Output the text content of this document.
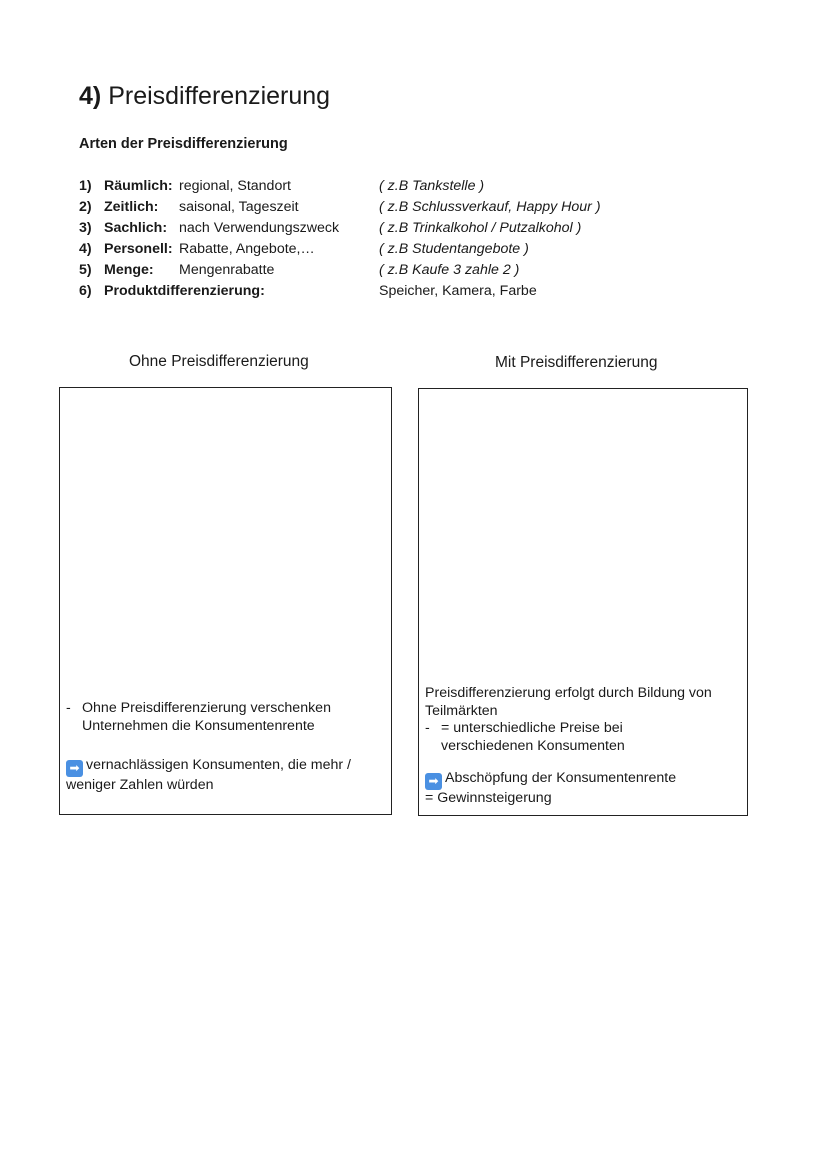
4) Preisdifferenzierung
Arten der Preisdifferenzierung
1) Räumlich: regional, Standort	( z.B Tankstelle )
2) Zeitlich: saisonal, Tageszeit	( z.B Schlussverkauf, Happy Hour )
3) Sachlich: nach Verwendungszweck	( z.B Trinkalkohol / Putzalkohol )
4) Personell: Rabatte, Angebote,…	( z.B Studentangebote )
5) Menge: Mengenrabatte	( z.B Kaufe 3 zahle 2 )
6) Produktdifferenzierung:	Speicher, Kamera, Farbe
Ohne Preisdifferenzierung	Mit Preisdifferenzierung

- Ohne Preisdifferenzierung verschenken

Unternehmen die Konsumentenrente

➡ vernachlässigen Konsumenten, die mehr /

weniger Zahlen würden

Preisdifferenzierung erfolgt durch Bildung von

Teilmärkten

- = unterschiedliche Preise bei

verschiedenen Konsumenten

➡ Abschöpfung der Konsumentenrente

= Gewinnsteigerung
